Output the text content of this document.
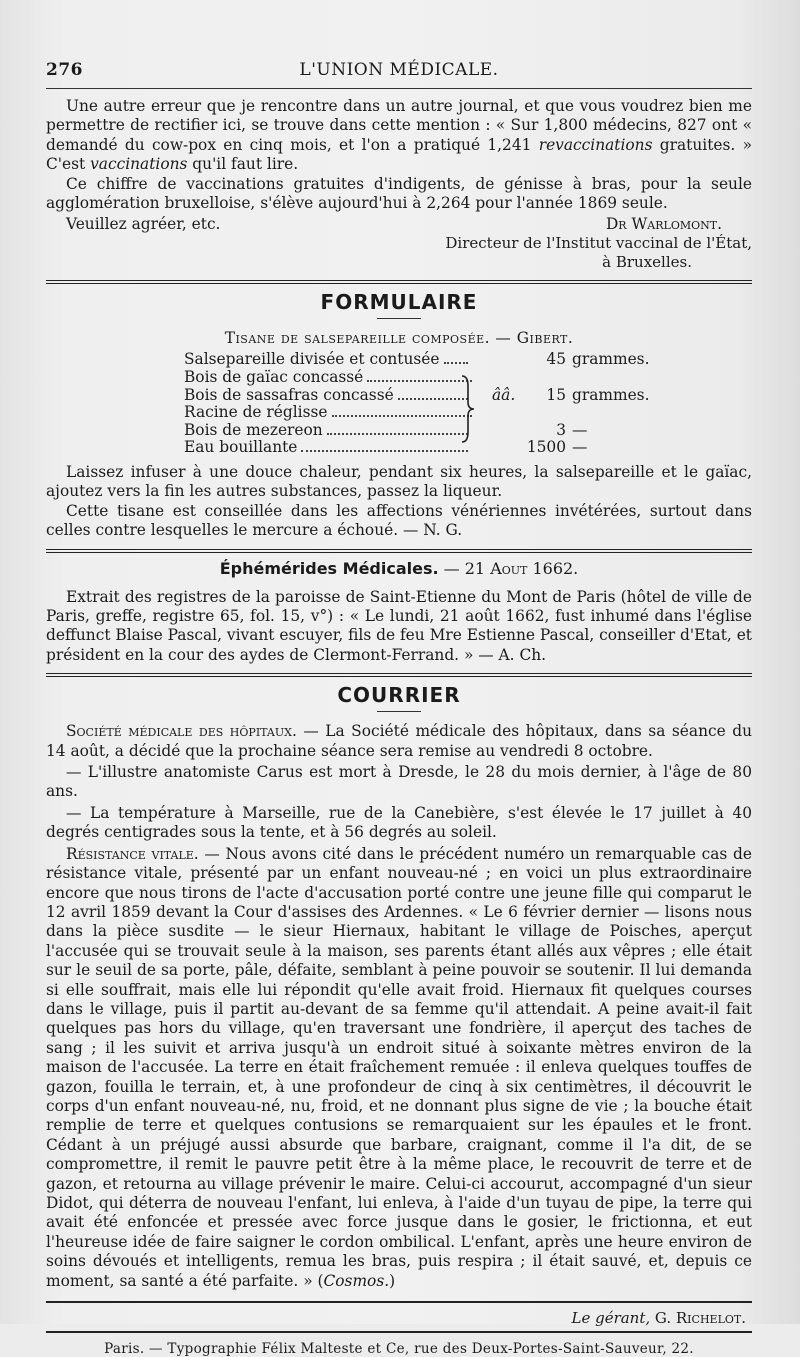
276	L'UNION MÉDICALE.

Une autre erreur que je rencontre dans un autre journal, et que vous voudrez bien me permettre de rectifier ici, se trouve dans cette mention : « Sur 1,800 médecins, 827 ont « demandé du cow-pox en cinq mois, et l'on a pratiqué 1,241 revaccinations gratuites. » C'est vaccinations qu'il faut lire.

Ce chiffre de vaccinations gratuites d'indigents, de génisse à bras, pour la seule agglomération bruxelloise, s'élève aujourd'hui à 2,264 pour l'année 1869 seule.

Veuillez agréer, etc.	Dr Warlomont.
Directeur de l'Institut vaccinal de l'État,
à Bruxelles.
FORMULAIRE
Tisane de salsepareille composée. — Gibert.
Salsepareille divisée et contusée	45 grammes.
Bois de gaïac concassé
Bois de sassafras concassé	ââ.	15 grammes.
Racine de réglisse
Bois de mezereon	3 —
Eau bouillante	1500 —

Laissez infuser à une douce chaleur, pendant six heures, la salsepareille et le gaïac, ajoutez vers la fin les autres substances, passez la liqueur.

Cette tisane est conseillée dans les affections vénériennes invétérées, surtout dans celles contre lesquelles le mercure a échoué. — N. G.

Éphémérides Médicales. — 21 Aout 1662.

Extrait des registres de la paroisse de Saint-Etienne du Mont de Paris (hôtel de ville de Paris, greffe, registre 65, fol. 15, v°) : « Le lundi, 21 août 1662, fust inhumé dans l'église deffunct Blaise Pascal, vivant escuyer, fils de feu Mre Estienne Pascal, conseiller d'Etat, et président en la cour des aydes de Clermont-Ferrand. » — A. Ch.

COURRIER

Société médicale des hôpitaux. — La Société médicale des hôpitaux, dans sa séance du 14 août, a décidé que la prochaine séance sera remise au vendredi 8 octobre.

— L'illustre anatomiste Carus est mort à Dresde, le 28 du mois dernier, à l'âge de 80 ans.

— La température à Marseille, rue de la Canebière, s'est élevée le 17 juillet à 40 degrés centigrades sous la tente, et à 56 degrés au soleil.

Résistance vitale. — Nous avons cité dans le précédent numéro un remarquable cas de résistance vitale, présenté par un enfant nouveau-né ; en voici un plus extraordinaire encore que nous tirons de l'acte d'accusation porté contre une jeune fille qui comparut le 12 avril 1859 devant la Cour d'assises des Ardennes. « Le 6 février dernier — lisons nous dans la pièce susdite — le sieur Hiernaux, habitant le village de Poisches, aperçut l'accusée qui se trouvait seule à la maison, ses parents étant allés aux vêpres ; elle était sur le seuil de sa porte, pâle, défaite, semblant à peine pouvoir se soutenir. Il lui demanda si elle souffrait, mais elle lui répondit qu'elle avait froid. Hiernaux fit quelques courses dans le village, puis il partit au-devant de sa femme qu'il attendait. A peine avait-il fait quelques pas hors du village, qu'en traversant une fondrière, il aperçut des taches de sang ; il les suivit et arriva jusqu'à un endroit situé à soixante mètres environ de la maison de l'accusée. La terre en était fraîchement remuée : il enleva quelques touffes de gazon, fouilla le terrain, et, à une profondeur de cinq à six centimètres, il découvrit le corps d'un enfant nouveau-né, nu, froid, et ne donnant plus signe de vie ; la bouche était remplie de terre et quelques contusions se remarquaient sur les épaules et le front. Cédant à un préjugé aussi absurde que barbare, craignant, comme il l'a dit, de se compromettre, il remit le pauvre petit être à la même place, le recouvrit de terre et de gazon, et retourna au village prévenir le maire. Celui-ci accourut, accompagné d'un sieur Didot, qui déterra de nouveau l'enfant, lui enleva, à l'aide d'un tuyau de pipe, la terre qui avait été enfoncée et pressée avec force jusque dans le gosier, le frictionna, et eut l'heureuse idée de faire saigner le cordon ombilical. L'enfant, après une heure environ de soins dévoués et intelligents, remua les bras, puis respira ; il était sauvé, et, depuis ce moment, sa santé a été parfaite. » (Cosmos.)

Le gérant, G. Richelot.
Paris. — Typographie Félix Malteste et Ce, rue des Deux-Portes-Saint-Sauveur, 22.
